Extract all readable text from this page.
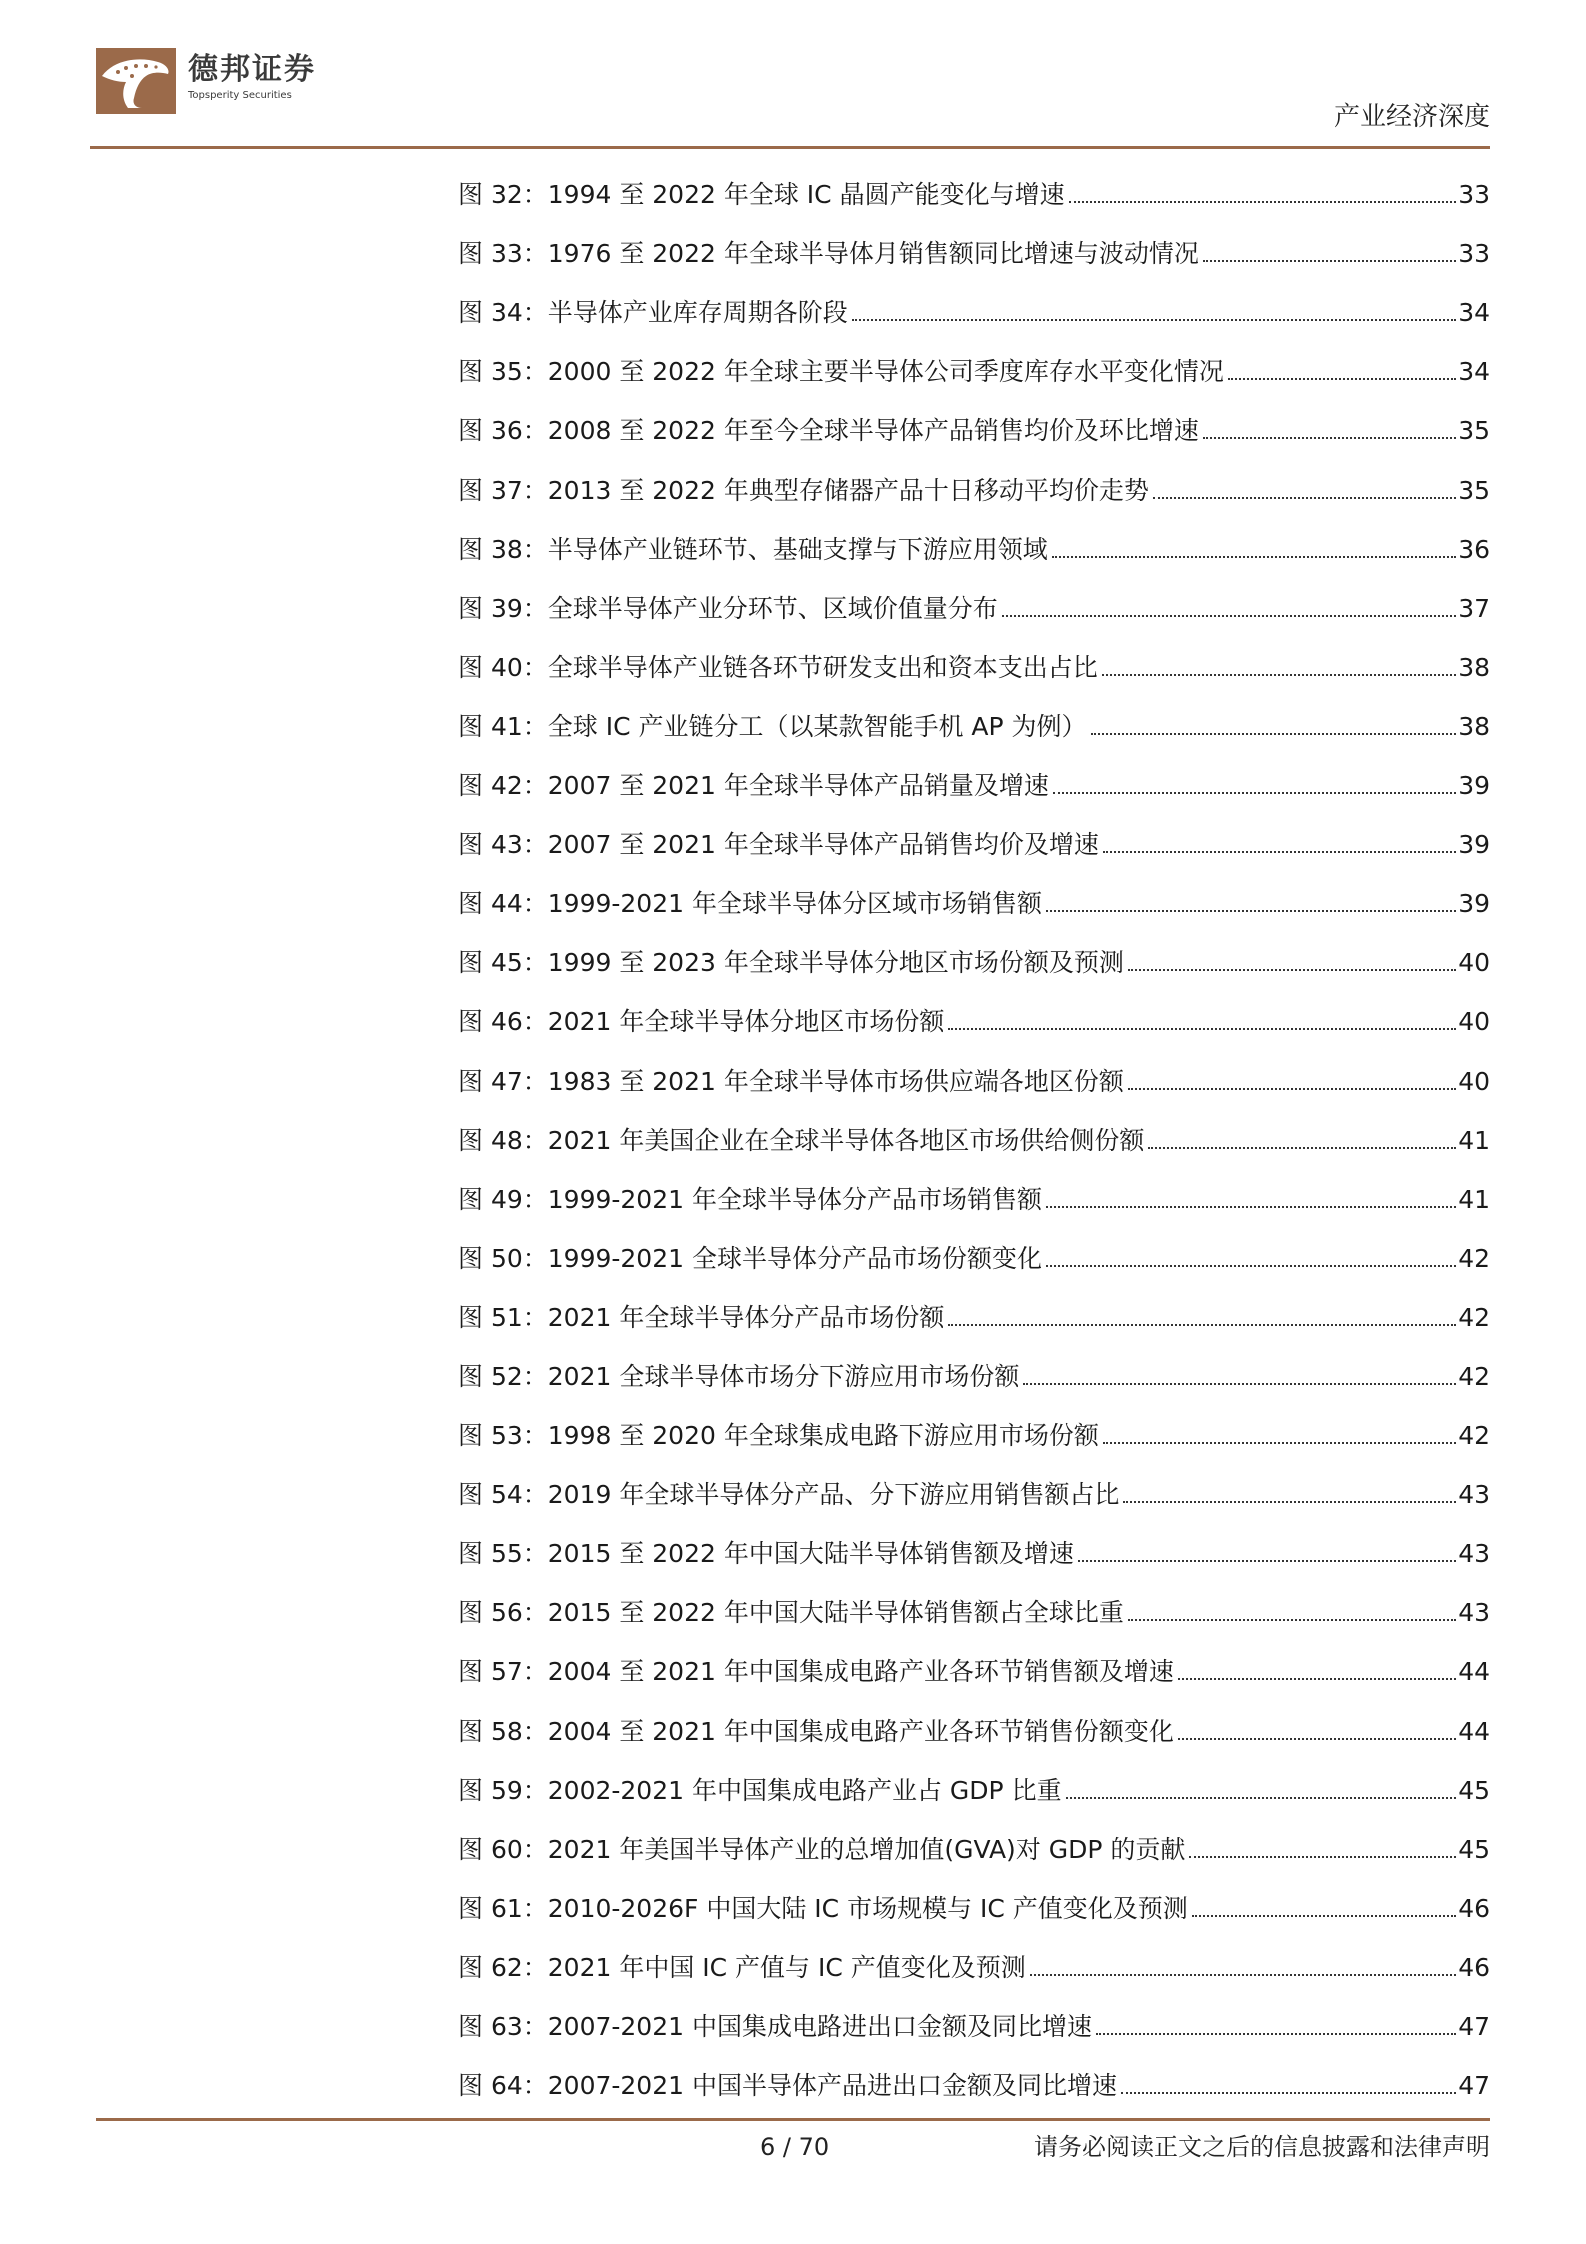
德邦证券
Topsperity Securities
产业经济深度
图 32：1994 至 2022 年全球 IC 晶圆产能变化与增速	33
图 33：1976 至 2022 年全球半导体月销售额同比增速与波动情况	33
图 34：半导体产业库存周期各阶段	34
图 35：2000 至 2022 年全球主要半导体公司季度库存水平变化情况	34
图 36：2008 至 2022 年至今全球半导体产品销售均价及环比增速	35
图 37：2013 至 2022 年典型存储器产品十日移动平均价走势	35
图 38：半导体产业链环节、基础支撑与下游应用领域	36
图 39：全球半导体产业分环节、区域价值量分布	37
图 40：全球半导体产业链各环节研发支出和资本支出占比	38
图 41：全球 IC 产业链分工（以某款智能手机 AP 为例）	38
图 42：2007 至 2021 年全球半导体产品销量及增速	39
图 43：2007 至 2021 年全球半导体产品销售均价及增速	39
图 44：1999-2021 年全球半导体分区域市场销售额	39
图 45：1999 至 2023 年全球半导体分地区市场份额及预测	40
图 46：2021 年全球半导体分地区市场份额	40
图 47：1983 至 2021 年全球半导体市场供应端各地区份额	40
图 48：2021 年美国企业在全球半导体各地区市场供给侧份额	41
图 49：1999-2021 年全球半导体分产品市场销售额	41
图 50：1999-2021 全球半导体分产品市场份额变化	42
图 51：2021 年全球半导体分产品市场份额	42
图 52：2021 全球半导体市场分下游应用市场份额	42
图 53：1998 至 2020 年全球集成电路下游应用市场份额	42
图 54：2019 年全球半导体分产品、分下游应用销售额占比	43
图 55：2015 至 2022 年中国大陆半导体销售额及增速	43
图 56：2015 至 2022 年中国大陆半导体销售额占全球比重	43
图 57：2004 至 2021 年中国集成电路产业各环节销售额及增速	44
图 58：2004 至 2021 年中国集成电路产业各环节销售份额变化	44
图 59：2002-2021 年中国集成电路产业占 GDP 比重	45
图 60：2021 年美国半导体产业的总增加值(GVA)对 GDP 的贡献	45
图 61：2010-2026F 中国大陆 IC 市场规模与 IC 产值变化及预测	46
图 62：2021 年中国 IC 产值与 IC 产值变化及预测	46
图 63：2007-2021 中国集成电路进出口金额及同比增速	47
图 64：2007-2021 中国半导体产品进出口金额及同比增速	47
6 / 70	请务必阅读正文之后的信息披露和法律声明
